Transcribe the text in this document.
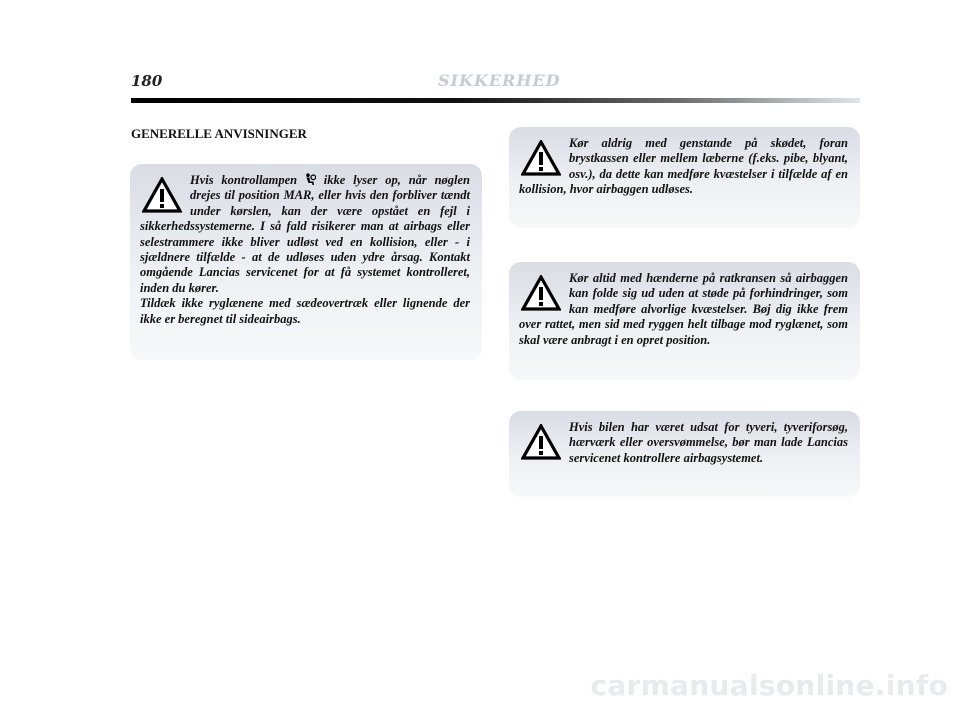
180	SIKKERHED
GENERELLE ANVISNINGER

Hvis kontrollampen  ikke lyser op, når nøglen drejes til position MAR, eller hvis den forbliver tændt under kørslen, kan der være opstået en fejl i sikkerhedssystemerne. I så fald risikerer man at airbags eller selestrammere ikke bliver udløst ved en kollision, eller - i sjældnere tilfælde - at de udløses uden ydre årsag. Kontakt omgående Lancias servicenet for at få systemet kontrolleret, inden du kører.
Tildæk ikke ryglænene med sædeovertræk eller lignende der ikke er beregnet til sideairbags.

Kør aldrig med genstande på skødet, foran brystkassen eller mellem læberne (f.eks. pibe, blyant, osv.), da dette kan medføre kvæstelser i tilfælde af en kollision, hvor airbaggen udløses.

Kør altid med hænderne på ratkransen så airbaggen kan folde sig ud uden at støde på forhindringer, som kan medføre alvorlige kvæstelser. Bøj dig ikke frem over rattet, men sid med ryggen helt tilbage mod ryglænet, som skal være anbragt i en opret position.

Hvis bilen har været udsat for tyveri, tyveriforsøg, hærværk eller oversvømmelse, bør man lade Lancias servicenet kontrollere airbagsystemet.

carmanualsonline.info
